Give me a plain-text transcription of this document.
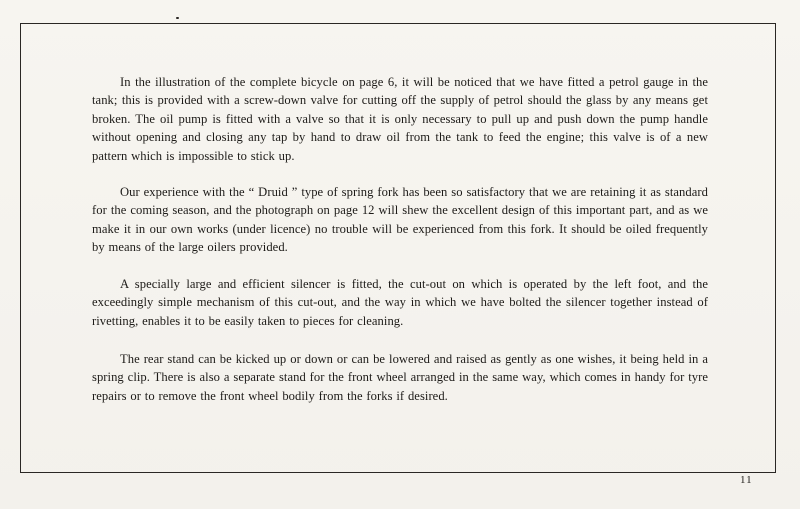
In the illustration of the complete bicycle on page 6, it will be noticed that we have fitted a petrol gauge in the tank; this is provided with a screw-down valve for cutting off the supply of petrol should the glass by any means get broken. The oil pump is fitted with a valve so that it is only necessary to pull up and push down the pump handle without opening and closing any tap by hand to draw oil from the tank to feed the engine; this valve is of a new pattern which is impossible to stick up.

Our experience with the “ Druid ” type of spring fork has been so satisfactory that we are retaining it as standard for the coming season, and the photograph on page 12 will shew the excellent design of this important part, and as we make it in our own works (under licence) no trouble will be experienced from this fork. It should be oiled frequently by means of the large oilers provided.

A specially large and efficient silencer is fitted, the cut-out on which is operated by the left foot, and the exceedingly simple mechanism of this cut-out, and the way in which we have bolted the silencer together instead of rivetting, enables it to be easily taken to pieces for cleaning.

The rear stand can be kicked up or down or can be lowered and raised as gently as one wishes, it being held in a spring clip. There is also a separate stand for the front wheel arranged in the same way, which comes in handy for tyre repairs or to remove the front wheel bodily from the forks if desired.

11
